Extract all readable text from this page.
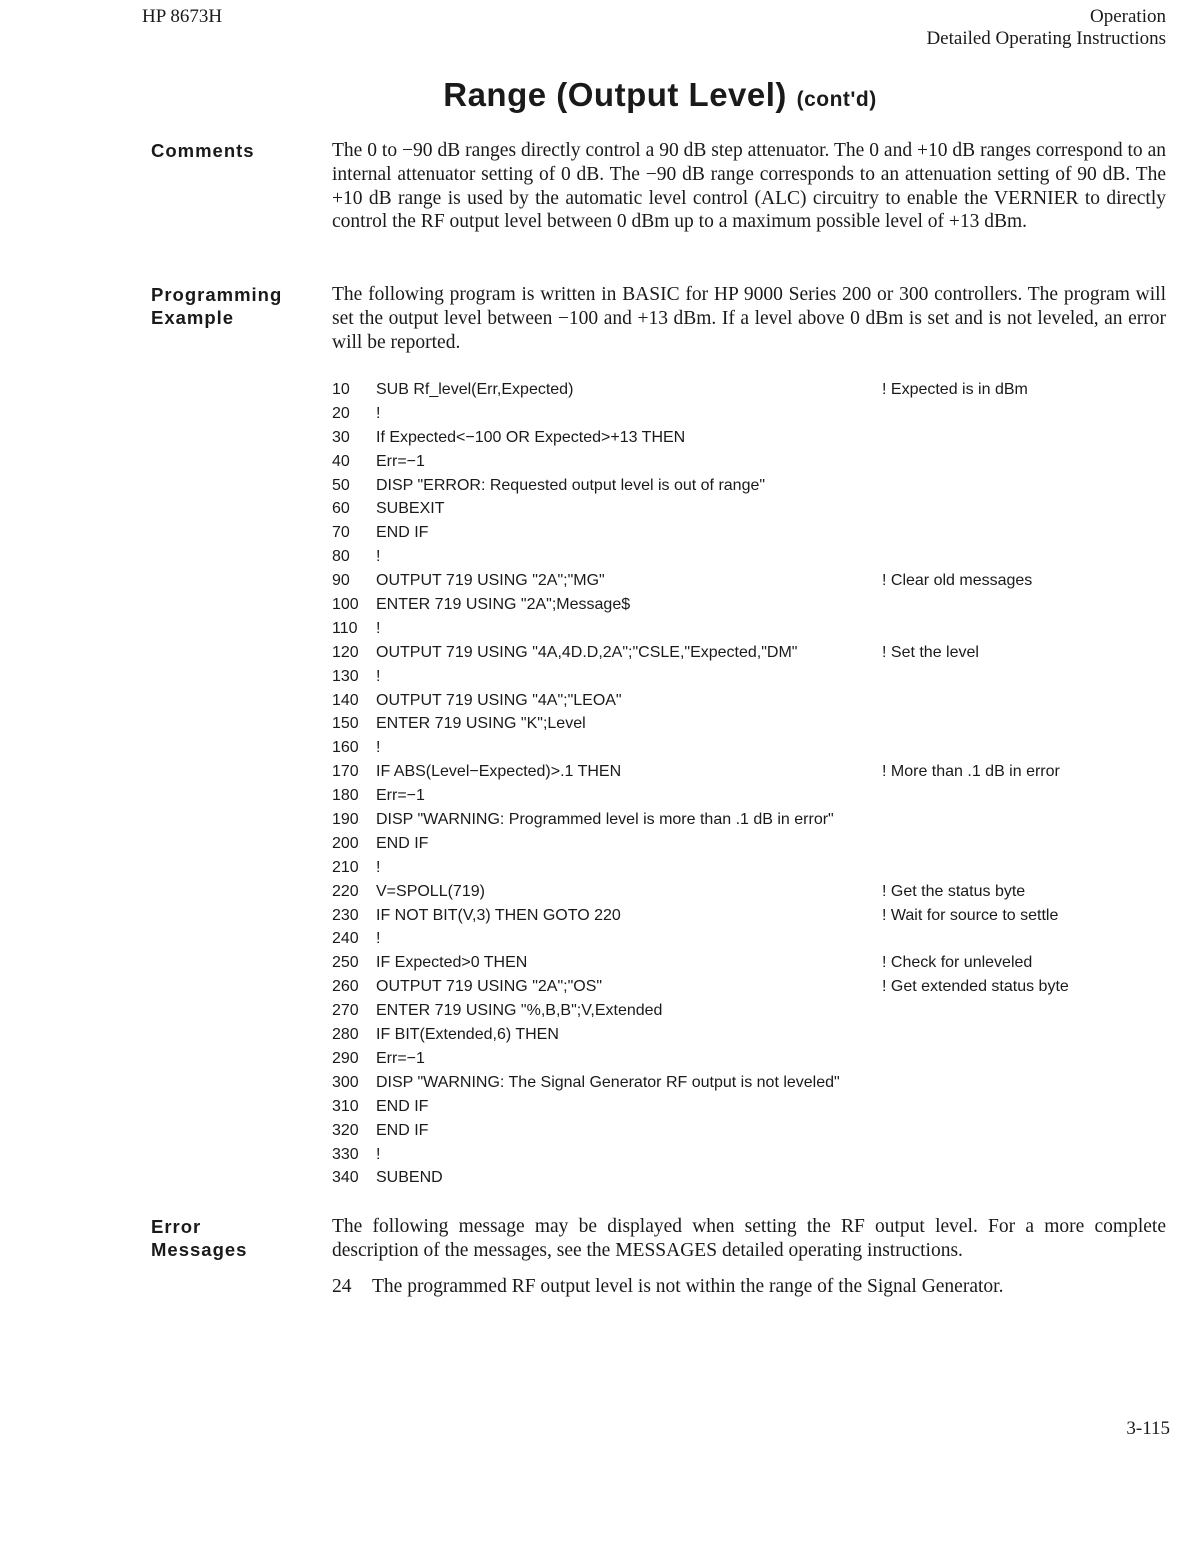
HP 8673H	Operation
Detailed Operating Instructions
Range (Output Level) (cont'd)
Comments	The 0 to −90 dB ranges directly control a 90 dB step attenuator. The 0 and +10 dB ranges correspond to an internal attenuator setting of 0 dB. The −90 dB range corresponds to an attenuation setting of 90 dB. The +10 dB range is used by the automatic level control (ALC) circuitry to enable the VERNIER to directly control the RF output level between 0 dBm up to a maximum possible level of +13 dBm.
Programming
Example
The following program is written in BASIC for HP 9000 Series 200 or 300 controllers. The program will set the output level between −100 and +13 dBm. If a level above 0 dBm is set and is not leveled, an error will be reported.
10	SUB Rf_level(Err,Expected)	! Expected is in dBm
20	!
30	If Expected<−100 OR Expected>+13 THEN
40	Err=−1
50	DISP "ERROR: Requested output level is out of range"
60	SUBEXIT
70	END IF
80	!
90	OUTPUT 719 USING "2A";"MG"	! Clear old messages
100	ENTER 719 USING "2A";Message$
110	!
120	OUTPUT 719 USING "4A,4D.D,2A";"CSLE,"Expected,"DM"	! Set the level
130	!
140	OUTPUT 719 USING "4A";"LEOA"
150	ENTER 719 USING "K";Level
160	!
170	IF ABS(Level−Expected)>.1 THEN	! More than .1 dB in error
180	Err=−1
190	DISP "WARNING: Programmed level is more than .1 dB in error"
200	END IF
210	!
220	V=SPOLL(719)	! Get the status byte
230	IF NOT BIT(V,3) THEN GOTO 220	! Wait for source to settle
240	!
250	IF Expected>0 THEN	! Check for unleveled
260	OUTPUT 719 USING "2A";"OS"	! Get extended status byte
270	ENTER 719 USING "%,B,B";V,Extended
280	IF BIT(Extended,6) THEN
290	Err=−1
300	DISP "WARNING: The Signal Generator RF output is not leveled"
310	END IF
320	END IF
330	!
340	SUBEND
Error
Messages
The following message may be displayed when setting the RF output level. For a more complete description of the messages, see the MESSAGES detailed operating instructions.
24 The programmed RF output level is not within the range of the Signal Generator.
3-115
